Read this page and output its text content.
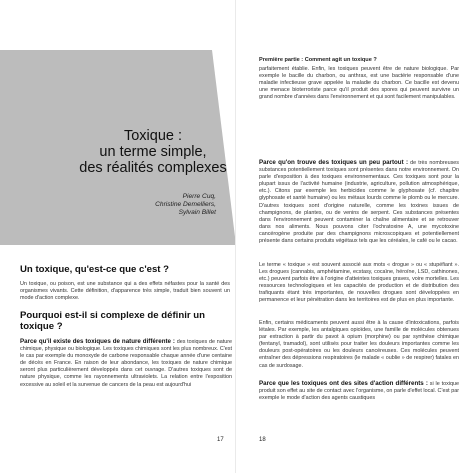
Toxique :
un terme simple,
des réalités complexes
Pierre Cuq,
Christine Demelliers,
Sylvain Billet
Un toxique, qu'est-ce que c'est ?

Un toxique, ou poison, est une substance qui a des effets néfastes pour la santé des organismes vivants. Cette définition, d'apparence très simple, traduit bien souvent un mode d'action complexe.

Pourquoi est-il si complexe de définir un toxique ?

Parce qu'il existe des toxiques de nature différente : des toxiques de nature chimique, physique ou biologique. Les toxiques chimiques sont les plus nombreux. C'est le cas par exemple du monoxyde de carbone responsable chaque année d'une centaine de décès en France. En raison de leur abondance, les toxiques de nature chimique seront plus particulièrement développés dans cet ouvrage. D'autres toxiques sont de nature physique, comme les rayonnements ultraviolets. La relation entre l'exposition excessive au soleil et la survenue de cancers de la peau est aujourd'hui

17
Première partie : Comment agit un toxique ?

parfaitement établie. Enfin, les toxiques peuvent être de nature biologique. Par exemple le bacille du charbon, ou anthrax, est une bactérie responsable d'une maladie infectieuse grave appelée la maladie du charbon. Ce bacille est devenu une menace bioterroriste parce qu'il produit des spores qui peuvent survivre un grand nombre d'années dans l'environnement et qui sont facilement manipulables.

Parce qu'on trouve des toxiques un peu partout : de très nombreuses substances potentiellement toxiques sont présentes dans notre environnement. On parle d'exposition à des toxiques environnementaux. Ces toxiques sont pour la plupart issus de l'activité humaine (industrie, agriculture, pollution atmosphérique, etc.). Citons par exemple les herbicides comme le glyphosate (cf. chapitre glyphosate et santé humaine) ou les métaux lourds comme le plomb ou le mercure. D'autres toxiques sont d'origine naturelle, comme les toxines issues de champignons, de plantes, ou de venins de serpent. Ces substances présentes dans l'environnement peuvent contaminer la chaîne alimentaire et se retrouver dans nos aliments. Nous pouvons citer l'ochratoxine A, une mycotoxine cancérogène produite par des champignons microscopiques et potentiellement présente dans certains produits végétaux tels que les céréales, le café ou le cacao.

Le terme « toxique » est souvent associé aux mots « drogue » ou « stupéfiant ». Les drogues (cannabis, amphétamine, ecstasy, cocaïne, héroïne, LSD, cathinones, etc.) peuvent parfois être à l'origine d'atteintes toxiques graves, voire mortelles. Les ressources technologiques et les capacités de production et de distribution des trafiquants étant très importantes, de nouvelles drogues sont développées en permanence et leur pénétration dans les territoires est de plus en plus importante.

Enfin, certains médicaments peuvent aussi être à la cause d'intoxications, parfois létales. Par exemple, les antalgiques opioïdes, une famille de molécules obtenues par extraction à partir du pavot à opium (morphine) ou par synthèse chimique (fentanyl, tramadol), sont utilisés pour traiter les douleurs importantes comme les douleurs post-opératoires ou les douleurs cancéreuses. Ces molécules peuvent entraîner des dépressions respiratoires (le malade « oublie » de respirer) fatales en cas de surdosage.

Parce que les toxiques ont des sites d'action différents : si le toxique produit son effet au site de contact avec l'organisme, on parle d'effet local. C'est par exemple le mode d'action des agents caustiques

18
